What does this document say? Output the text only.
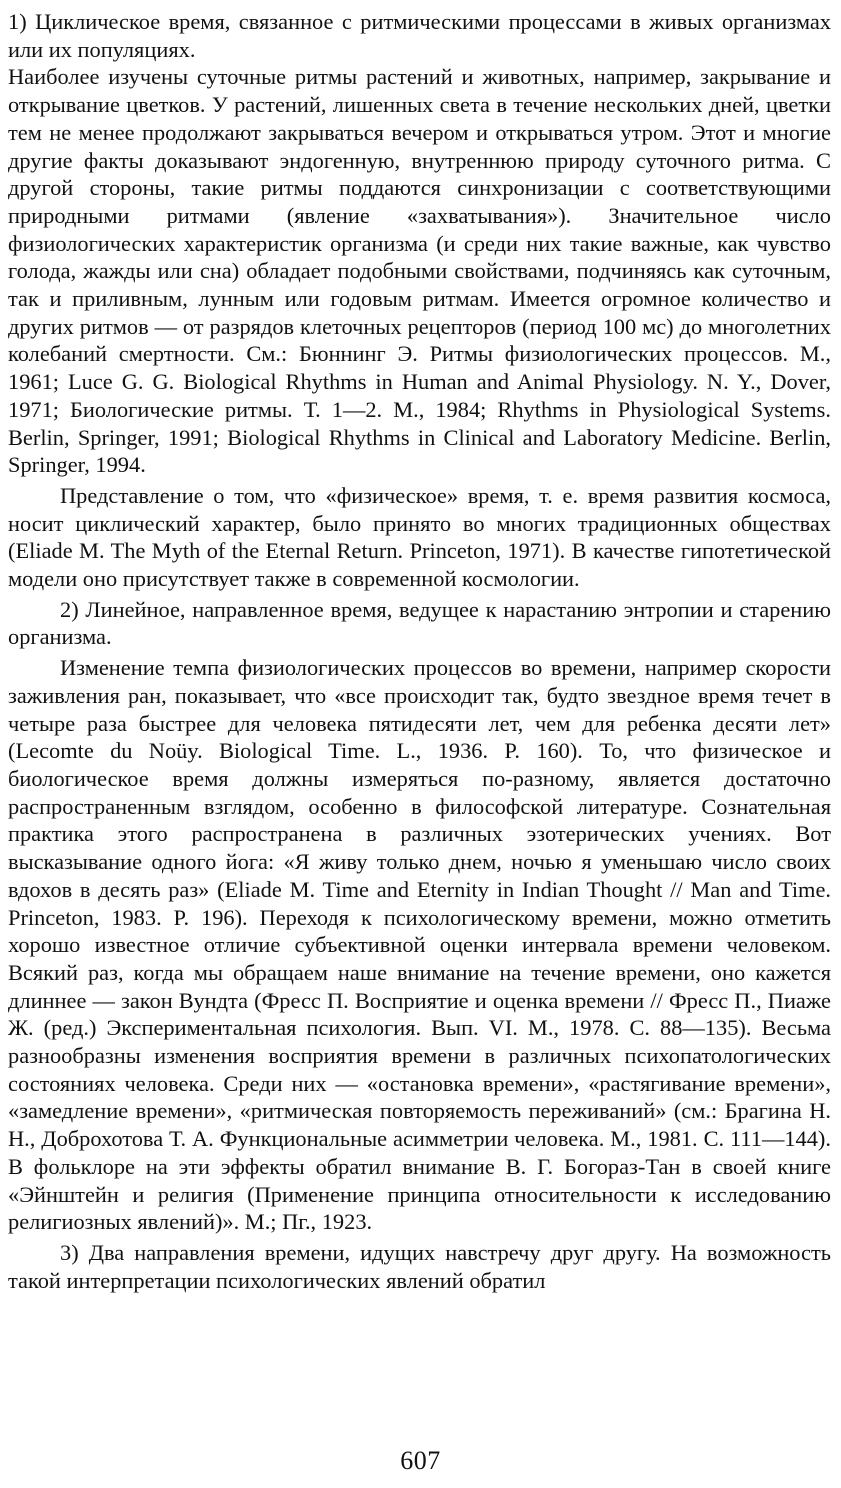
1) Циклическое время, связанное с ритмическими процессами в живых организмах или их популяциях.

Наиболее изучены суточные ритмы растений и животных, например, закрывание и открывание цветков. У растений, лишенных света в течение нескольких дней, цветки тем не менее продолжают закрываться вечером и открываться утром. Этот и многие другие факты доказывают эндогенную, внутреннюю природу суточного ритма. С другой стороны, такие ритмы поддаются синхронизации с соответствующими природными ритмами (явление «захватывания»). Значительное число физиологических характеристик организма (и среди них такие важные, как чувство голода, жажды или сна) обладает подобными свойствами, подчиняясь как суточным, так и приливным, лунным или годовым ритмам. Имеется огромное количество и других ритмов — от разрядов клеточных рецепторов (период 100 мс) до многолетних колебаний смертности. См.: Бюннинг Э. Ритмы физиологических процессов. М., 1961; Luce G. G. Biological Rhythms in Human and Animal Physiology. N. Y., Dover, 1971; Биологические ритмы. Т. 1—2. М., 1984; Rhythms in Physiological Systems. Berlin, Springer, 1991; Biological Rhythms in Clinical and Laboratory Medicine. Berlin, Springer, 1994.

Представление о том, что «физическое» время, т. е. время развития космоса, носит циклический характер, было принято во многих традиционных обществах (Eliade M. The Myth of the Eternal Return. Princeton, 1971). В качестве гипотетической модели оно присутствует также в современной космологии.

2) Линейное, направленное время, ведущее к нарастанию энтропии и старению организма.

Изменение темпа физиологических процессов во времени, например скорости заживления ран, показывает, что «все происходит так, будто звездное время течет в четыре раза быстрее для человека пятидесяти лет, чем для ребенка десяти лет» (Lecomte du Noüy. Biological Time. L., 1936. P. 160). То, что физическое и биологическое время должны измеряться по-разному, является достаточно распространенным взглядом, особенно в философской литературе. Сознательная практика этого распространена в различных эзотерических учениях. Вот высказывание одного йога: «Я живу только днем, ночью я уменьшаю число своих вдохов в десять раз» (Eliade M. Time and Eternity in Indian Thought // Man and Time. Princeton, 1983. P. 196). Переходя к психологическому времени, можно отметить хорошо известное отличие субъективной оценки интервала времени человеком. Всякий раз, когда мы обращаем наше внимание на течение времени, оно кажется длиннее — закон Вундта (Фресс П. Восприятие и оценка времени // Фресс П., Пиаже Ж. (ред.) Экспериментальная психология. Вып. VI. М., 1978. С. 88—135). Весьма разнообразны изменения восприятия времени в различных психопатологических состояниях человека. Среди них — «остановка времени», «растягивание времени», «замедление времени», «ритмическая повторяемость переживаний» (см.: Брагина Н. Н., Доброхотова Т. А. Функциональные асимметрии человека. М., 1981. С. 111—144). В фольклоре на эти эффекты обратил внимание В. Г. Богораз-Тан в своей книге «Эйнштейн и религия (Применение принципа относительности к исследованию религиозных явлений)». М.; Пг., 1923.

3) Два направления времени, идущих навстречу друг другу. На возможность такой интерпретации психологических явлений обратил

607
